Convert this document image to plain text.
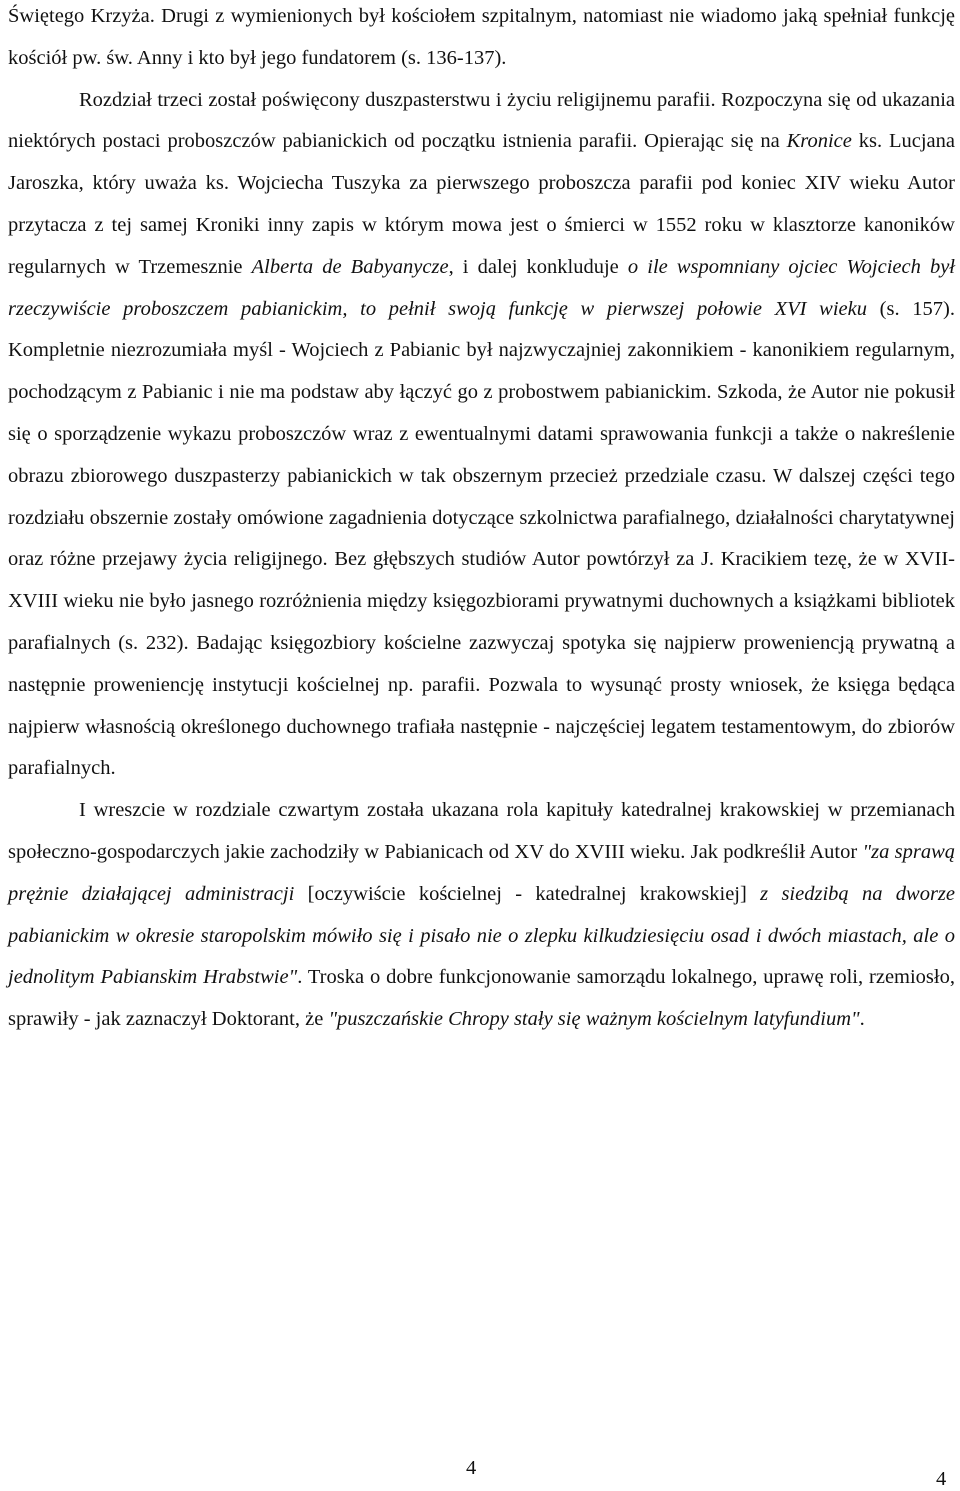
Świętego Krzyża. Drugi z wymienionych był kościołem szpitalnym, natomiast nie wiadomo jaką spełniał funkcję kościół pw. św. Anny i kto był jego fundatorem (s. 136-137).

Rozdział trzeci został poświęcony duszpasterstwu i życiu religijnemu parafii. Rozpoczyna się od ukazania niektórych postaci proboszczów pabianickich od początku istnienia parafii. Opierając się na Kronice ks. Lucjana Jaroszka, który uważa ks. Wojciecha Tuszyka za pierwszego proboszcza parafii pod koniec XIV wieku Autor przytacza z tej samej Kroniki inny zapis w którym mowa jest o śmierci w 1552 roku w klasztorze kanoników regularnych w Trzemesznie Alberta de Babyanycze, i dalej konkluduje o ile wspomniany ojciec Wojciech był rzeczywiście proboszczem pabianickim, to pełnił swoją funkcję w pierwszej połowie XVI wieku (s. 157). Kompletnie niezrozumiała myśl - Wojciech z Pabianic był najzwyczajniej zakonnikiem - kanonikiem regularnym, pochodzącym z Pabianic i nie ma podstaw aby łączyć go z probostwem pabianickim. Szkoda, że Autor nie pokusił się o sporządzenie wykazu proboszczów wraz z ewentualnymi datami sprawowania funkcji a także o nakreślenie obrazu zbiorowego duszpasterzy pabianickich w tak obszernym przecież przedziale czasu. W dalszej części tego rozdziału obszernie zostały omówione zagadnienia dotyczące szkolnictwa parafialnego, działalności charytatywnej oraz różne przejawy życia religijnego. Bez głębszych studiów Autor powtórzył za J. Kracikiem tezę, że w XVII-XVIII wieku nie było jasnego rozróżnienia między księgozbiorami prywatnymi duchownych a książkami bibliotek parafialnych (s. 232). Badając księgozbiory kościelne zazwyczaj spotyka się najpierw prowenienсją prywatną a następnie prowenienсję instytucji kościelnej np. parafii. Pozwala to wysunąć prosty wniosek, że księga będąca najpierw własnością określonego duchownego trafiała następnie - najczęściej legatem testamentowym, do zbiorów parafialnych.

I wreszcie w rozdziale czwartym została ukazana rola kapituły katedralnej krakowskiej w przemianach społeczno-gospodarczych jakie zachodziły w Pabianicach od XV do XVIII wieku. Jak podkreślił Autor "za sprawą prężnie działającej administracji [oczywiście kościelnej - katedralnej krakowskiej] z siedzibą na dworze pabianickim w okresie staropolskim mówiło się i pisało nie o zlepku kilkudziesięciu osad i dwóch miastach, ale o jednolitym Pabianskim Hrabstwie". Troska o dobre funkcjonowanie samorządu lokalnego, uprawę roli, rzemiosło, sprawiły - jak zaznaczył Doktorant, że "puszczańskie Chropy stały się ważnym kościelnym latyfundium".

4	4
